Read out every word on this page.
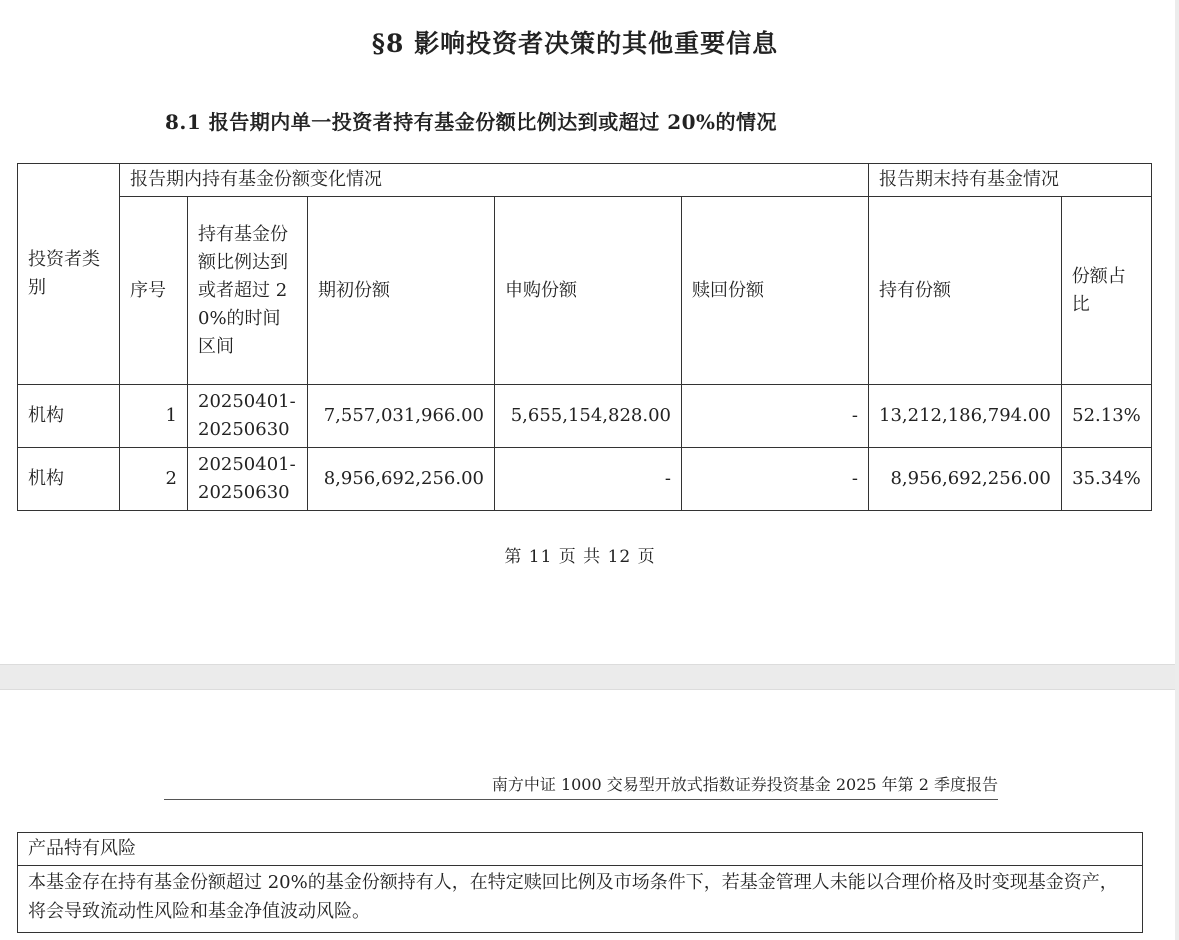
§8 影响投资者决策的其他重要信息
8.1 报告期内单一投资者持有基金份额比例达到或超过 20%的情况
投资者类别	报告期内持有基金份额变化情况					报告期末持有基金情况	
	序号	持有基金份额比例达到或者超过 20%的时间区间	期初份额	申购份额	赎回份额	持有份额	份额占比
机构	1	20250401-20250630	7,557,031,966.00	5,655,154,828.00	-	13,212,186,794.00	52.13%
机构	2	20250401-20250630	8,956,692,256.00	-	-	8,956,692,256.00	35.34%
第 11 页 共 12 页
南方中证 1000 交易型开放式指数证券投资基金 2025 年第 2 季度报告
产品特有风险
本基金存在持有基金份额超过 20%的基金份额持有人，在特定赎回比例及市场条件下，若基金管理人未能以合理价格及时变现基金资产，将会导致流动性风险和基金净值波动风险。
